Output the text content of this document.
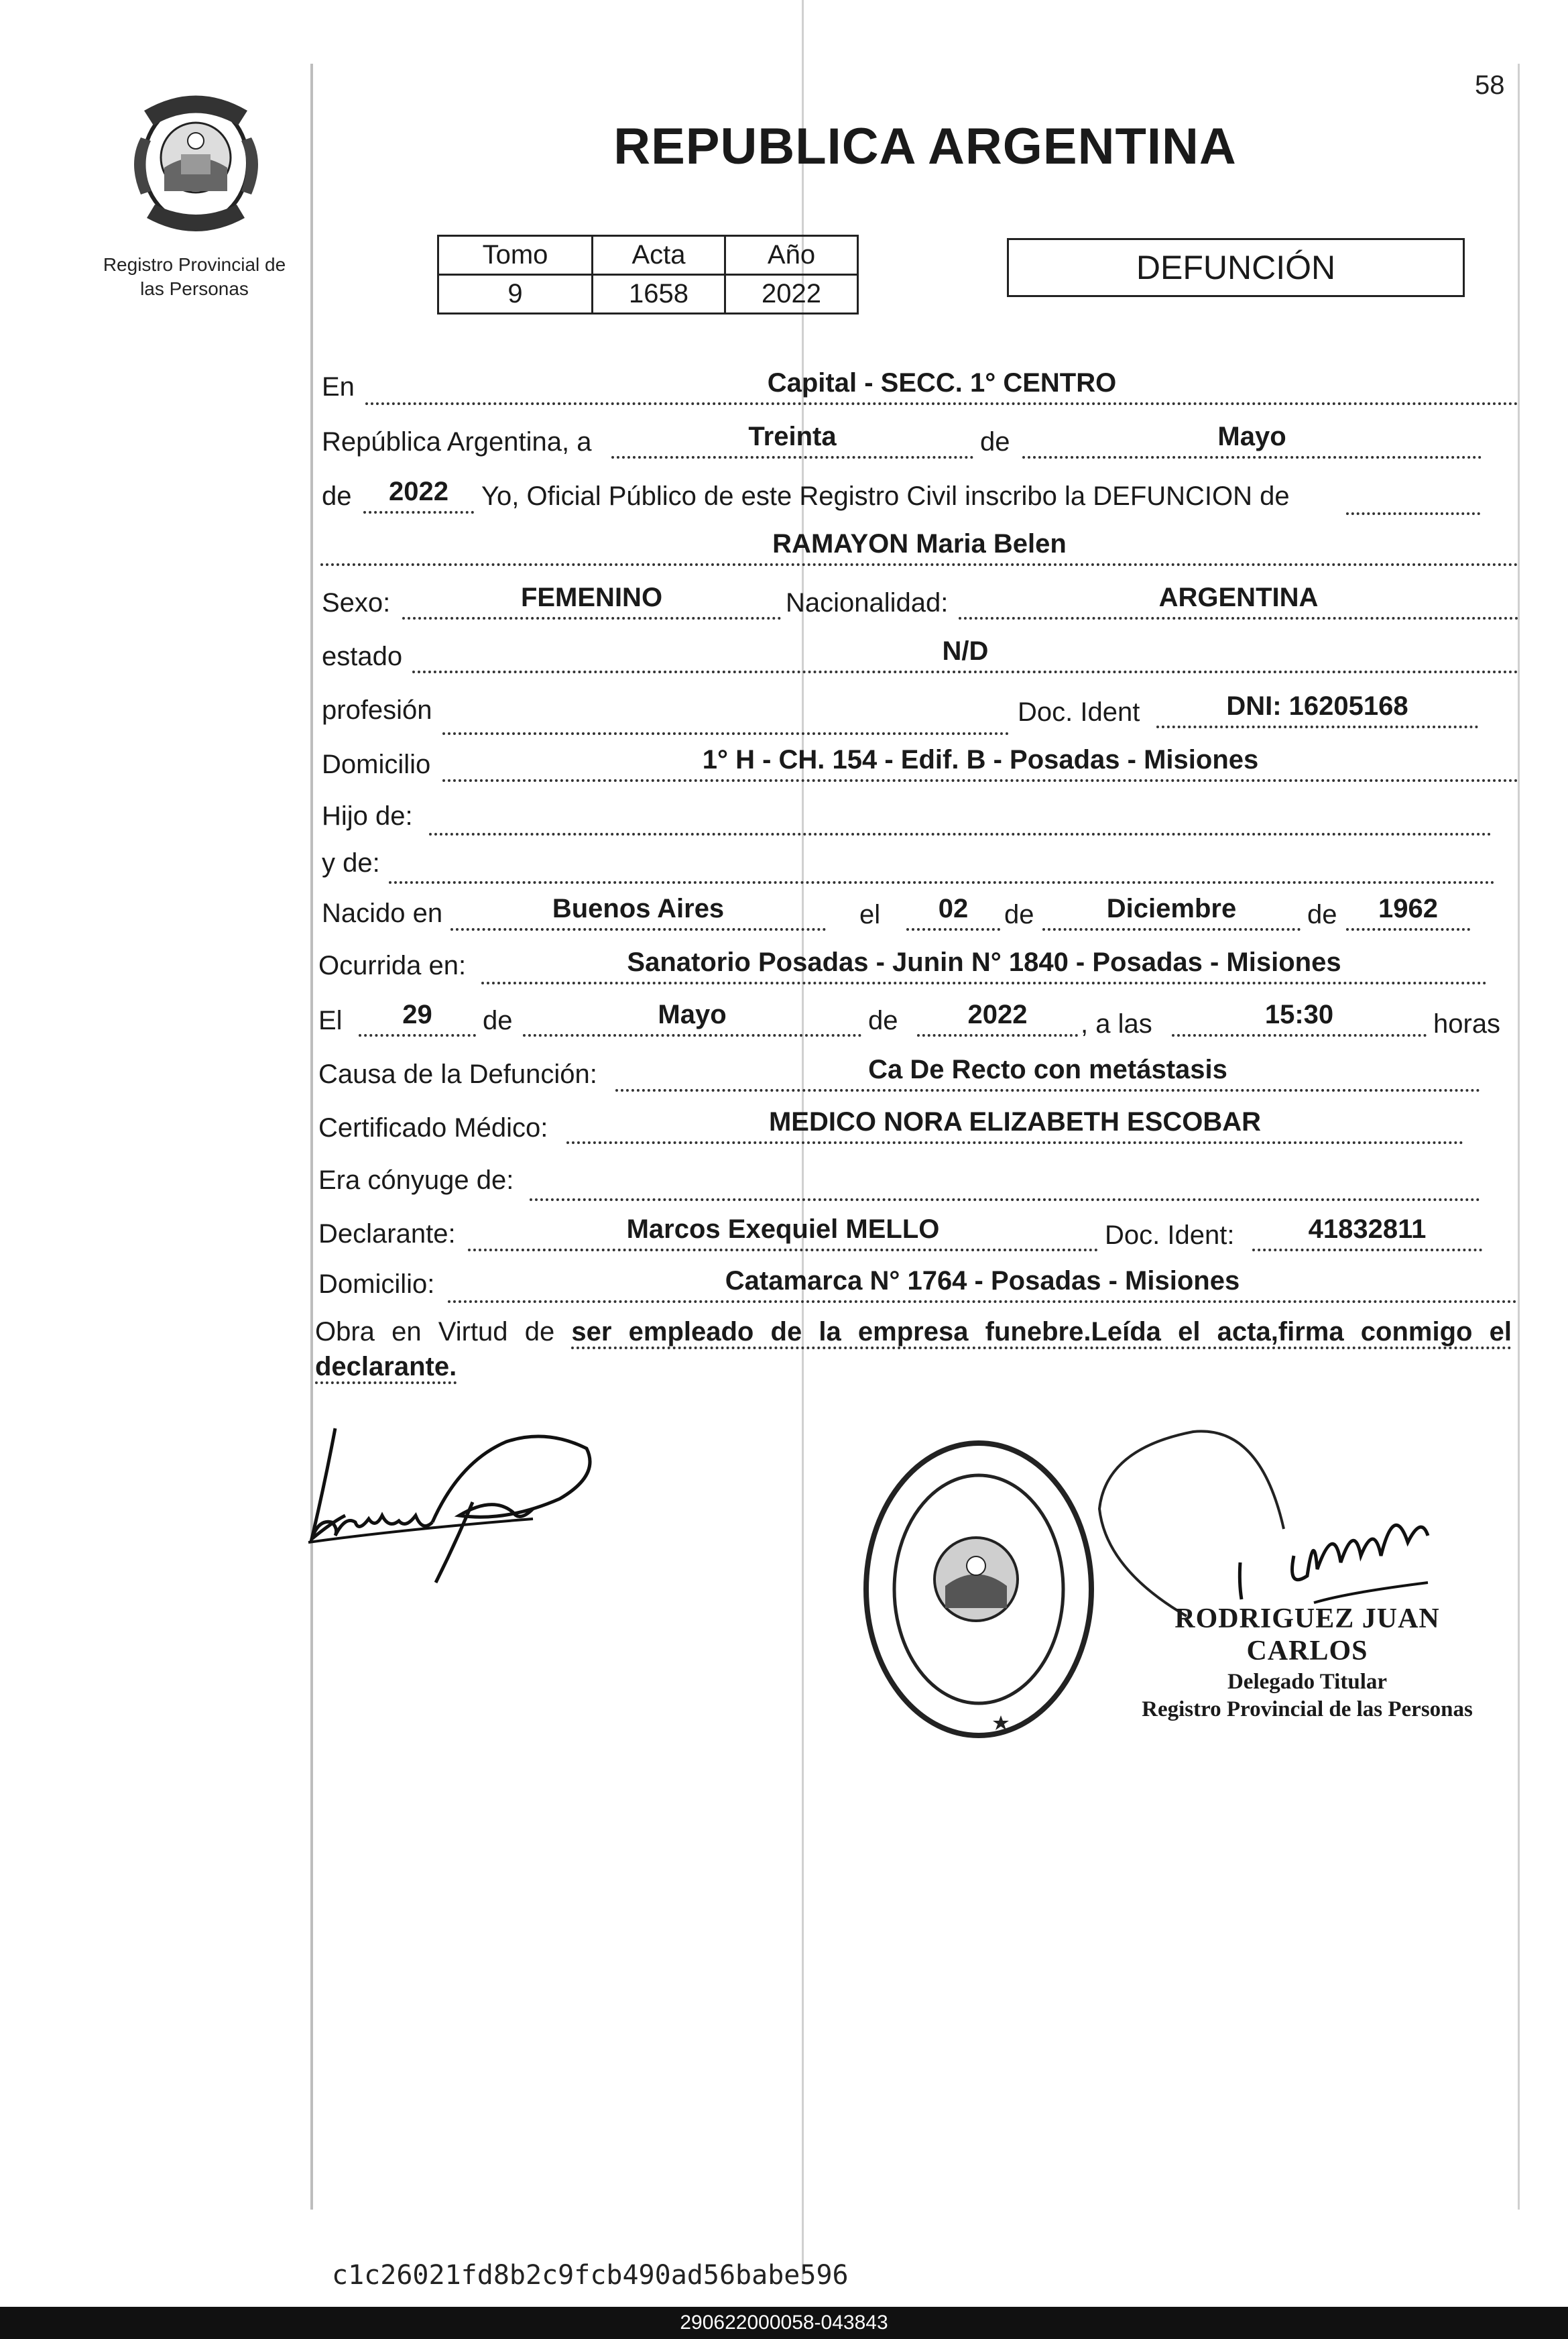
58
Registro Provincial de
las Personas
REPUBLICA ARGENTINA
Tomo	Acta	Año
9	1658	2022
DEFUNCIÓN
En	Capital - SECC. 1° CENTRO
República Argentina, a	Treinta	de	Mayo
de	2022	Yo, Oficial Público de este Registro Civil inscribo la DEFUNCION de
RAMAYON Maria Belen
Sexo:	FEMENINO	Nacionalidad:	ARGENTINA
estado	N/D
profesión	Doc. Ident	DNI: 16205168
Domicilio	1° H - CH. 154 - Edif. B - Posadas - Misiones
Hijo de:
y de:
Nacido en	Buenos Aires	el	02	de	Diciembre	de	1962
Ocurrida en:	Sanatorio Posadas - Junin N° 1840 - Posadas - Misiones
El	29	de	Mayo	de	2022	, a las	15:30	horas
Causa de la Defunción:	Ca De Recto con metástasis
Certificado Médico:	MEDICO NORA ELIZABETH ESCOBAR
Era cónyuge de:
Declarante:	Marcos Exequiel MELLO	Doc. Ident:	41832811
Domicilio:	Catamarca N° 1764 - Posadas - Misiones
Obra en Virtud de ser empleado de la empresa funebre.Leída el acta,firma conmigo el declarante.
RODRIGUEZ JUAN CARLOS
Delegado Titular
Registro Provincial de las Personas
c1c26021fd8b2c9fcb490ad56babe596
290622000058-043843
